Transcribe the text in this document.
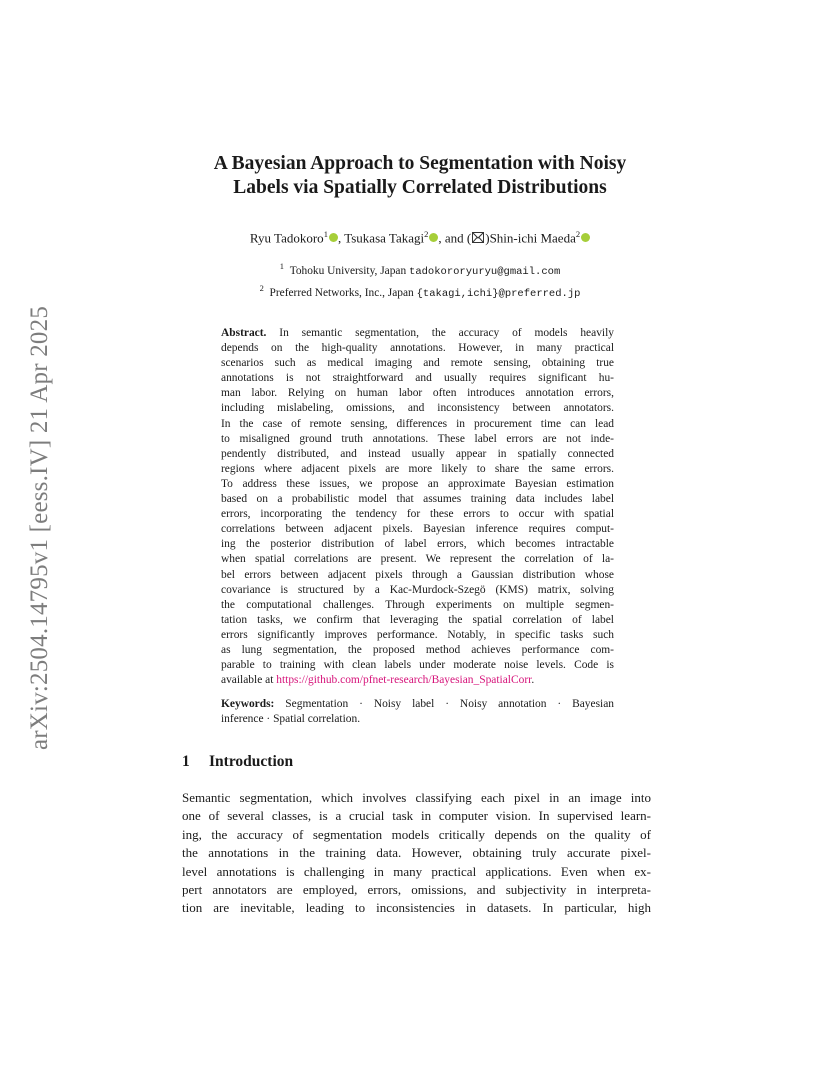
arXiv:2504.14795v1 [eess.IV] 21 Apr 2025
A Bayesian Approach to Segmentation with Noisy
Labels via Spatially Correlated Distributions
Ryu Tadokoro$^1$ , Tsukasa Takagi$^2$ , and ( )Shin-ichi Maeda$^2$
$^1$ Tohoku University, Japan tadokororyuryu@gmail.com
$^2$ Preferred Networks, Inc., Japan {takagi,ichi}@preferred.jp
Abstract. In semantic segmentation, the accuracy of models heavily
depends on the high-quality annotations. However, in many practical
scenarios such as medical imaging and remote sensing, obtaining true
annotations is not straightforward and usually requires significant hu-
man labor. Relying on human labor often introduces annotation errors,
including mislabeling, omissions, and inconsistency between annotators.
In the case of remote sensing, differences in procurement time can lead
to misaligned ground truth annotations. These label errors are not inde-
pendently distributed, and instead usually appear in spatially connected
regions where adjacent pixels are more likely to share the same errors.
To address these issues, we propose an approximate Bayesian estimation
based on a probabilistic model that assumes training data includes label
errors, incorporating the tendency for these errors to occur with spatial
correlations between adjacent pixels. Bayesian inference requires comput-
ing the posterior distribution of label errors, which becomes intractable
when spatial correlations are present. We represent the correlation of la-
bel errors between adjacent pixels through a Gaussian distribution whose
covariance is structured by a Kac-Murdock-Szegö (KMS) matrix, solving
the computational challenges. Through experiments on multiple segmen-
tation tasks, we confirm that leveraging the spatial correlation of label
errors significantly improves performance. Notably, in specific tasks such
as lung segmentation, the proposed method achieves performance com-
parable to training with clean labels under moderate noise levels. Code is
available at https://github.com/pfnet-research/Bayesian_SpatialCorr.
Keywords: Segmentation · Noisy label · Noisy annotation · Bayesian
inference · Spatial correlation.
1 Introduction
Semantic segmentation, which involves classifying each pixel in an image into
one of several classes, is a crucial task in computer vision. In supervised learn-
ing, the accuracy of segmentation models critically depends on the quality of
the annotations in the training data. However, obtaining truly accurate pixel-
level annotations is challenging in many practical applications. Even when ex-
pert annotators are employed, errors, omissions, and subjectivity in interpreta-
tion are inevitable, leading to inconsistencies in datasets. In particular, high
